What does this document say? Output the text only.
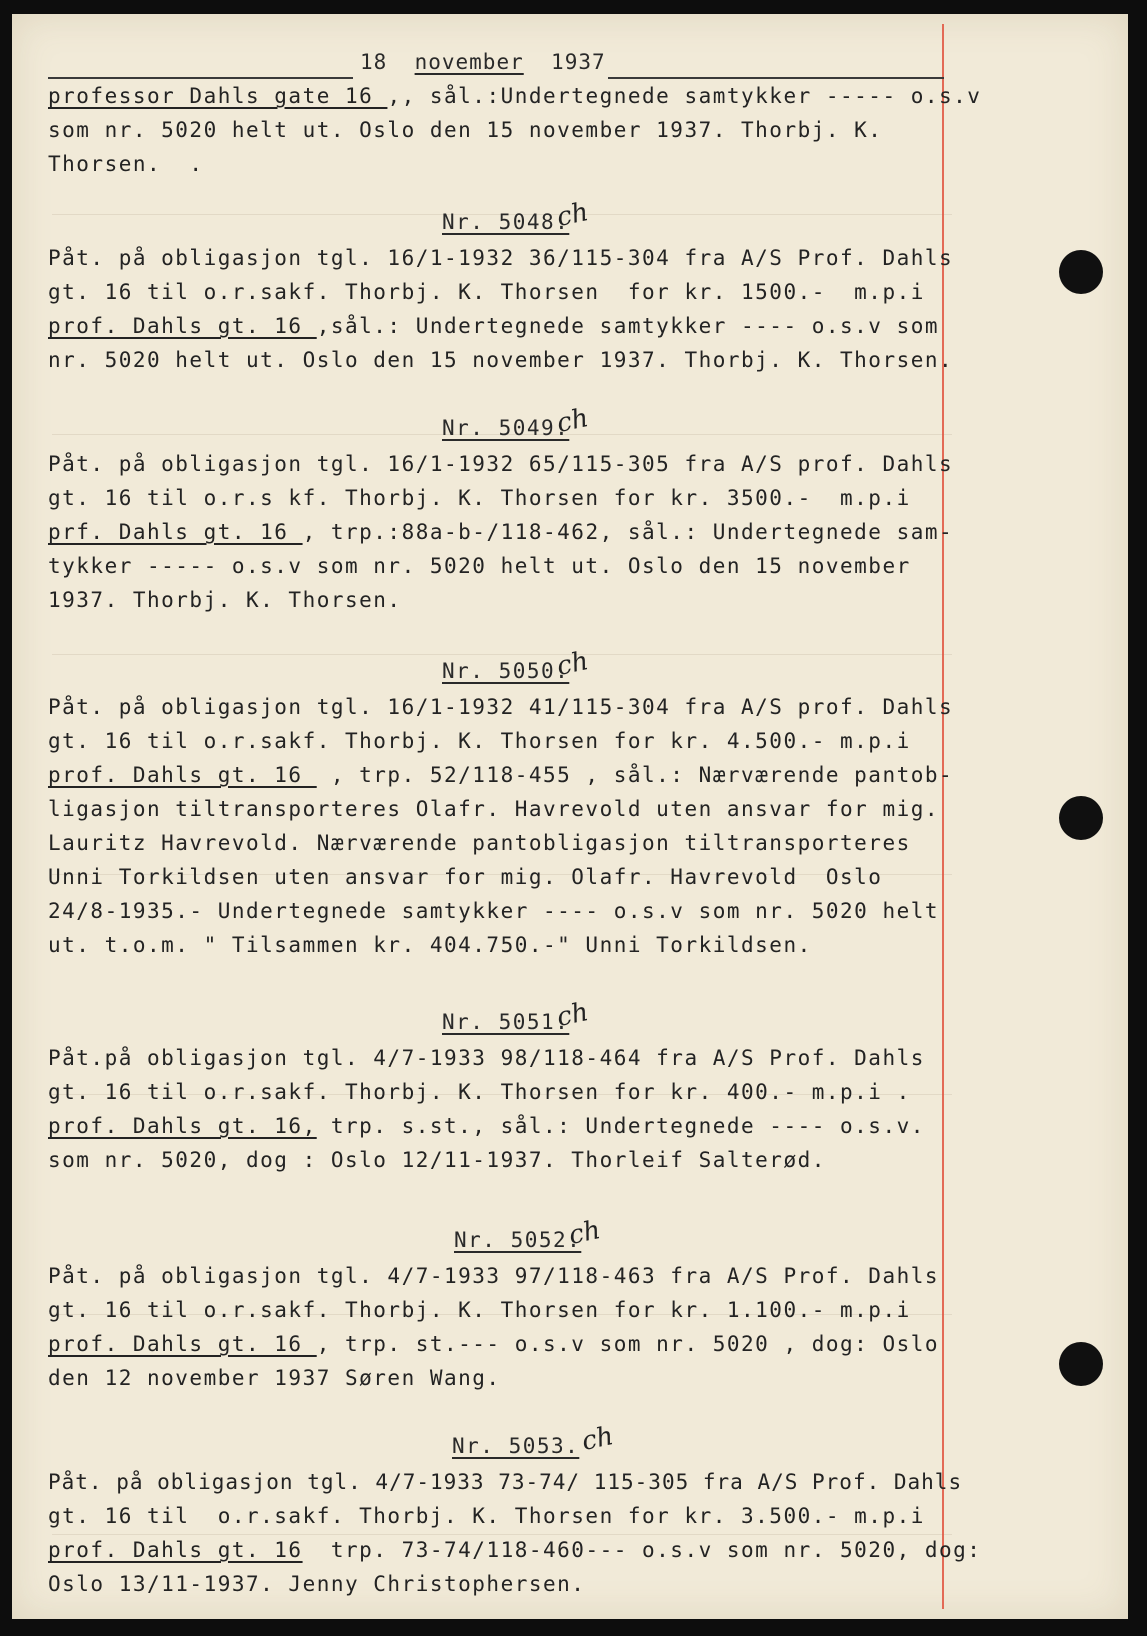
18 november 1937
professor Dahls gate 16 ,, sål.:Undertegnede samtykker ----- o.s.v
som nr. 5020 helt ut. Oslo den 15 november 1937. Thorbj. K.
Thorsen.  .
Nr. 5048.
ch
Påt. på obligasjon tgl. 16/1-1932 36/115-304 fra A/S Prof. Dahls
gt. 16 til o.r.sakf. Thorbj. K. Thorsen  for kr. 1500.-  m.p.i
prof. Dahls gt. 16 ,sål.: Undertegnede samtykker ---- o.s.v som
nr. 5020 helt ut. Oslo den 15 november 1937. Thorbj. K. Thorsen.
Nr. 5049.
ch
Påt. på obligasjon tgl. 16/1-1932 65/115-305 fra A/S prof. Dahls
gt. 16 til o.r.s kf. Thorbj. K. Thorsen for kr. 3500.-  m.p.i
prf. Dahls gt. 16 , trp.:88a-b-/118-462, sål.: Undertegnede sam-
tykker ----- o.s.v som nr. 5020 helt ut. Oslo den 15 november
1937. Thorbj. K. Thorsen.
Nr. 5050.
ch
Påt. på obligasjon tgl. 16/1-1932 41/115-304 fra A/S prof. Dahls
gt. 16 til o.r.sakf. Thorbj. K. Thorsen for kr. 4.500.- m.p.i
prof. Dahls gt. 16  , trp. 52/118-455 , sål.: Nærværende pantob-
ligasjon tiltransporteres Olafr. Havrevold uten ansvar for mig.
Lauritz Havrevold. Nærværende pantobligasjon tiltransporteres
Unni Torkildsen uten ansvar for mig. Olafr. Havrevold  Oslo
24/8-1935.- Undertegnede samtykker ---- o.s.v som nr. 5020 helt
ut. t.o.m. " Tilsammen kr. 404.750.-" Unni Torkildsen.
Nr. 5051.
ch
Påt.på obligasjon tgl. 4/7-1933 98/118-464 fra A/S Prof. Dahls
gt. 16 til o.r.sakf. Thorbj. K. Thorsen for kr. 400.- m.p.i .
prof. Dahls gt. 16, trp. s.st., sål.: Undertegnede ---- o.s.v.
som nr. 5020, dog : Oslo 12/11-1937. Thorleif Salterød.
Nr. 5052.
ch
Påt. på obligasjon tgl. 4/7-1933 97/118-463 fra A/S Prof. Dahls
gt. 16 til o.r.sakf. Thorbj. K. Thorsen for kr. 1.100.- m.p.i
prof. Dahls gt. 16_, trp. st.--- o.s.v som nr. 5020 , dog: Oslo
den 12 november 1937 Søren Wang.
Nr. 5053. ch
Påt. på obligasjon tgl. 4/7-1933 73-74/ 115-305 fra A/S Prof. Dahls
gt. 16 til  o.r.sakf. Thorbj. K. Thorsen for kr. 3.500.- m.p.i
prof. Dahls gt. 16  trp. 73-74/118-460--- o.s.v som nr. 5020, dog:
Oslo 13/11-1937. Jenny Christophersen.
